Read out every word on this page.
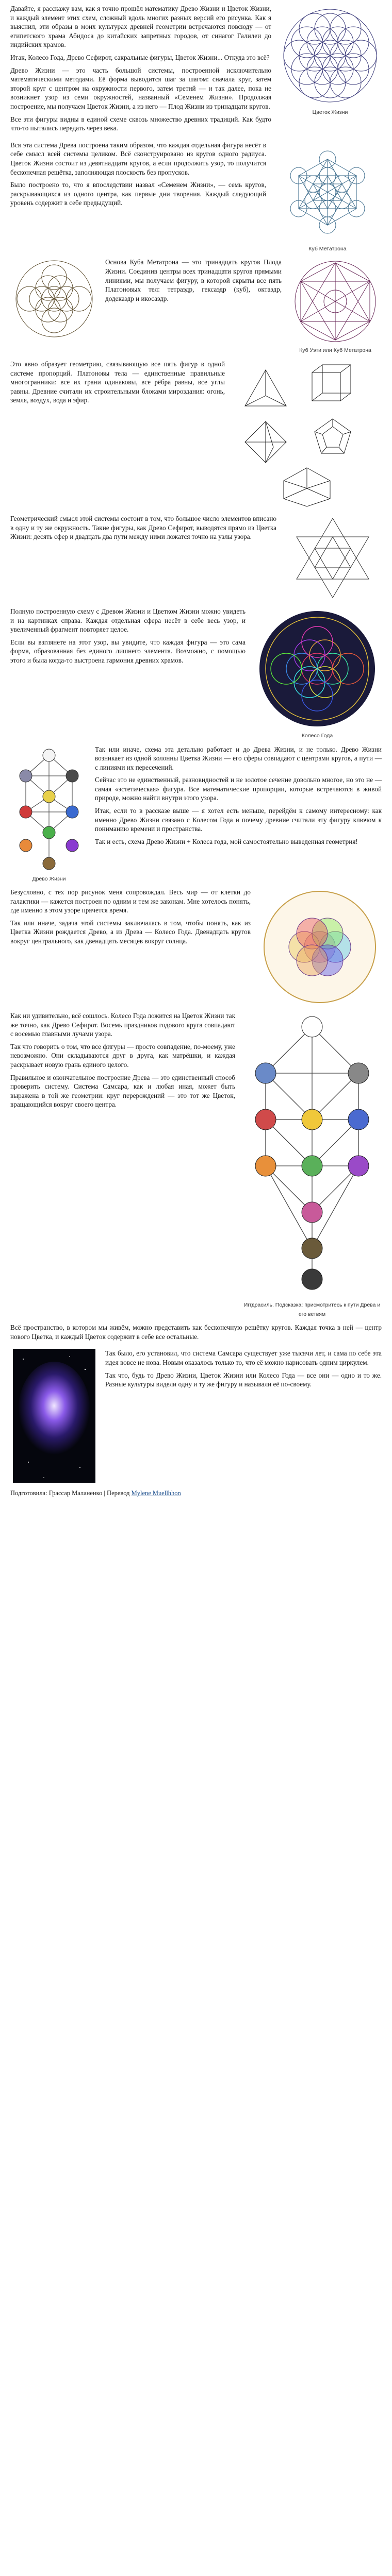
Давайте, я расскажу вам, как я точно прошёл математику Древо Жизни и Цветок Жизни, и каждый элемент этих схем, сложный вдоль многих разных версий его рисунка. Как я выяснил, эти образы в моих культурах древней геометрии встречаются повсюду — от египетского храма Абидоса до китайских запретных городов, от синагог Галилеи до индийских храмов.

Итак, Колесо Года, Древо Сефирот, сакральные фигуры, Цветок Жизни... Откуда это всё?

Древо Жизни — это часть большой системы, построенной исключительно математическими методами. Её форма выводится шаг за шагом: сначала круг, затем второй круг с центром на окружности первого, затем третий — и так далее, пока не возникнет узор из семи окружностей, названный «Семенем Жизни». Продолжая построение, мы получаем Цветок Жизни, а из него — Плод Жизни из тринадцати кругов.

Все эти фигуры видны в единой схеме сквозь множество древних традиций. Как будто что-то пытались передать через века.

Цветок Жизни

Вся эта система Древа построена таким образом, что каждая отдельная фигура несёт в себе смысл всей системы целиком. Всё сконструировано из кругов одного радиуса. Цветок Жизни состоит из девятнадцати кругов, а если продолжить узор, то получится бесконечная решётка, заполняющая плоскость без пропусков.

Было построено то, что я впоследствии назвал «Семенем Жизни», — семь кругов, раскрывающихся из одного центра, как первые дни творения. Каждый следующий уровень содержит в себе предыдущий.

Куб Метатрона

Основа Куба Метатрона — это тринадцать кругов Плода Жизни. Соединив центры всех тринадцати кругов прямыми линиями, мы получаем фигуру, в которой скрыты все пять Платоновых тел: тетраэдр, гексаэдр (куб), октаэдр, додекаэдр и икосаэдр.

Куб Уэти или Куб Метатрона

Это явно образует геометрию, связывающую все пять фигур в одной системе пропорций. Платоновы тела — единственные правильные многогранники: все их грани одинаковы, все рёбра равны, все углы равны. Древние считали их строительными блоками мироздания: огонь, земля, воздух, вода и эфир.

Геометрический смысл этой системы состоит в том, что большое число элементов вписано в одну и ту же окружность. Такие фигуры, как Древо Сефирот, выводятся прямо из Цветка Жизни: десять сфер и двадцать два пути между ними ложатся точно на узлы узора.

Полную построенную схему с Древом Жизни и Цветком Жизни можно увидеть и на картинках справа. Каждая отдельная сфера несёт в себе весь узор, и увеличенный фрагмент повторяет целое.

Если вы взглянете на этот узор, вы увидите, что каждая фигура — это сама форма, образованная без единого лишнего элемента. Возможно, с помощью этого и была когда-то выстроена гармония древних храмов.

Колесо Года
Древо Жизни

Так или иначе, схема эта детально работает и до Древа Жизни, и не только. Древо Жизни возникает из одной колонны Цветка Жизни — его сферы совпадают с центрами кругов, а пути — с линиями их пересечений.

Сейчас это не единственный, разновидностей и не золотое сечение довольно многое, но это не — самая «эстетическая» фигура. Все математические пропорции, которые встречаются в живой природе, можно найти внутри этого узора.

Итак, если то в рассказе выше — я хотел есть меньше, перейдём к самому интересному: как именно Древо Жизни связано с Колесом Года и почему древние считали эту фигуру ключом к пониманию времени и пространства.

Так и есть, схема Древо Жизни + Колеса года, мой самостоятельно выведенная геометрия!

Безусловно, с тех пор рисунок меня сопровождал. Весь мир — от клетки до галактики — кажется построен по одним и тем же законам. Мне хотелось понять, где именно в этом узоре прячется время.

Так или иначе, задача этой системы заключалась в том, чтобы понять, как из Цветка Жизни рождается Древо, а из Древа — Колесо Года. Двенадцать кругов вокруг центрального, как двенадцать месяцев вокруг солнца.

Как ни удивительно, всё сошлось. Колесо Года ложится на Цветок Жизни так же точно, как Древо Сефирот. Восемь праздников годового круга совпадают с восемью главными лучами узора.

Так что говорить о том, что все фигуры — просто совпадение, по-моему, уже невозможно. Они складываются друг в друга, как матрёшки, и каждая раскрывает новую грань единого целого.

Правильное и окончательное построение Древа — это единственный способ проверить систему. Система Самсара, как и любая иная, может быть выражена в той же геометрии: круг перерождений — это тот же Цветок, вращающийся вокруг своего центра.

Иггдрасиль. Подсказка: присмотритесь к пути Древа и его ветвям

Всё пространство, в котором мы живём, можно представить как бесконечную решётку кругов. Каждая точка в ней — центр нового Цветка, и каждый Цветок содержит в себе все остальные.

Так было, его установил, что система Самсара существует уже тысячи лет, и сама по себе эта идея вовсе не нова. Новым оказалось только то, что её можно нарисовать одним циркулем.

Так что, будь то Древо Жизни, Цветок Жизни или Колесо Года — все они — одно и то же. Разные культуры видели одну и ту же фигуру и называли её по-своему.

Подготовила: Грассар Маланенко | Перевод Mylene Muellhhon
